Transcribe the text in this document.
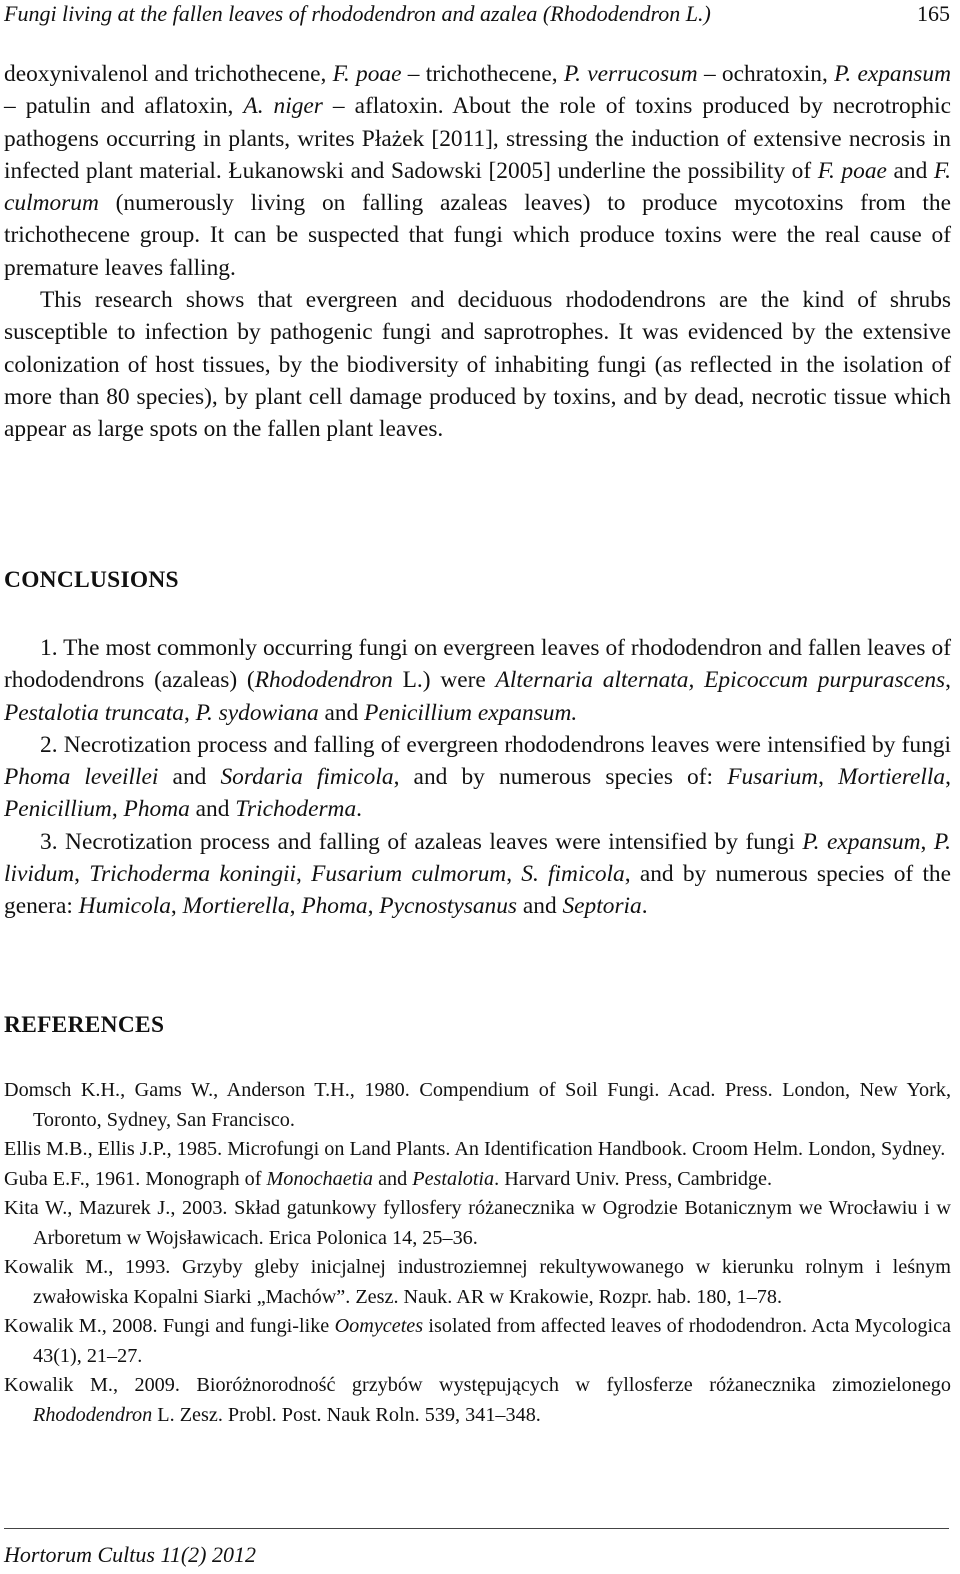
Fungi living at the fallen leaves of rhododendron and azalea (Rhododendron L.)	165

deoxynivalenol and trichothecene, F. poae – trichothecene, P. verrucosum – ochratoxin, P. expansum – patulin and aflatoxin, A. niger – aflatoxin. About the role of toxins produced by necrotrophic pathogens occurring in plants, writes Płażek [2011], stressing the induction of extensive necrosis in infected plant material. Łukanowski and Sadowski [2005] underline the possibility of F. poae and F. culmorum (numerously living on falling azaleas leaves) to produce mycotoxins from the trichothecene group. It can be suspected that fungi which produce toxins were the real cause of premature leaves falling.

This research shows that evergreen and deciduous rhododendrons are the kind of shrubs susceptible to infection by pathogenic fungi and saprotrophes. It was evidenced by the extensive colonization of host tissues, by the biodiversity of inhabiting fungi (as reflected in the isolation of more than 80 species), by plant cell damage produced by toxins, and by dead, necrotic tissue which appear as large spots on the fallen plant leaves.

CONCLUSIONS

1. The most commonly occurring fungi on evergreen leaves of rhododendron and fallen leaves of rhododendrons (azaleas) (Rhododendron L.) were Alternaria alternata, Epicoccum purpurascens, Pestalotia truncata, P. sydowiana and Penicillium expansum.

2. Necrotization process and falling of evergreen rhododendrons leaves were intensified by fungi Phoma leveillei and Sordaria fimicola, and by numerous species of: Fusarium, Mortierella, Penicillium, Phoma and Trichoderma.

3. Necrotization process and falling of azaleas leaves were intensified by fungi P. expansum, P. lividum, Trichoderma koningii, Fusarium culmorum, S. fimicola, and by numerous species of the genera: Humicola, Mortierella, Phoma, Pycnostysanus and Septoria.

REFERENCES

Domsch K.H., Gams W., Anderson T.H., 1980. Compendium of Soil Fungi. Acad. Press. London, New York, Toronto, Sydney, San Francisco.

Ellis M.B., Ellis J.P., 1985. Microfungi on Land Plants. An Identification Handbook. Croom Helm. London, Sydney.

Guba E.F., 1961. Monograph of Monochaetia and Pestalotia. Harvard Univ. Press, Cambridge.

Kita W., Mazurek J., 2003. Skład gatunkowy fyllosfery różanecznika w Ogrodzie Botanicznym we Wrocławiu i w Arboretum w Wojsławicach. Erica Polonica 14, 25–36.

Kowalik M., 1993. Grzyby gleby inicjalnej industroziemnej rekultywowanego w kierunku rolnym i leśnym zwałowiska Kopalni Siarki „Machów”. Zesz. Nauk. AR w Krakowie, Rozpr. hab. 180, 1–78.

Kowalik M., 2008. Fungi and fungi-like Oomycetes isolated from affected leaves of rhododendron. Acta Mycologica 43(1), 21–27.

Kowalik M., 2009. Bioróżnorodność grzybów występujących w fyllosferze różanecznika zimozielonego Rhododendron L. Zesz. Probl. Post. Nauk Roln. 539, 341–348.

Hortorum Cultus 11(2) 2012
